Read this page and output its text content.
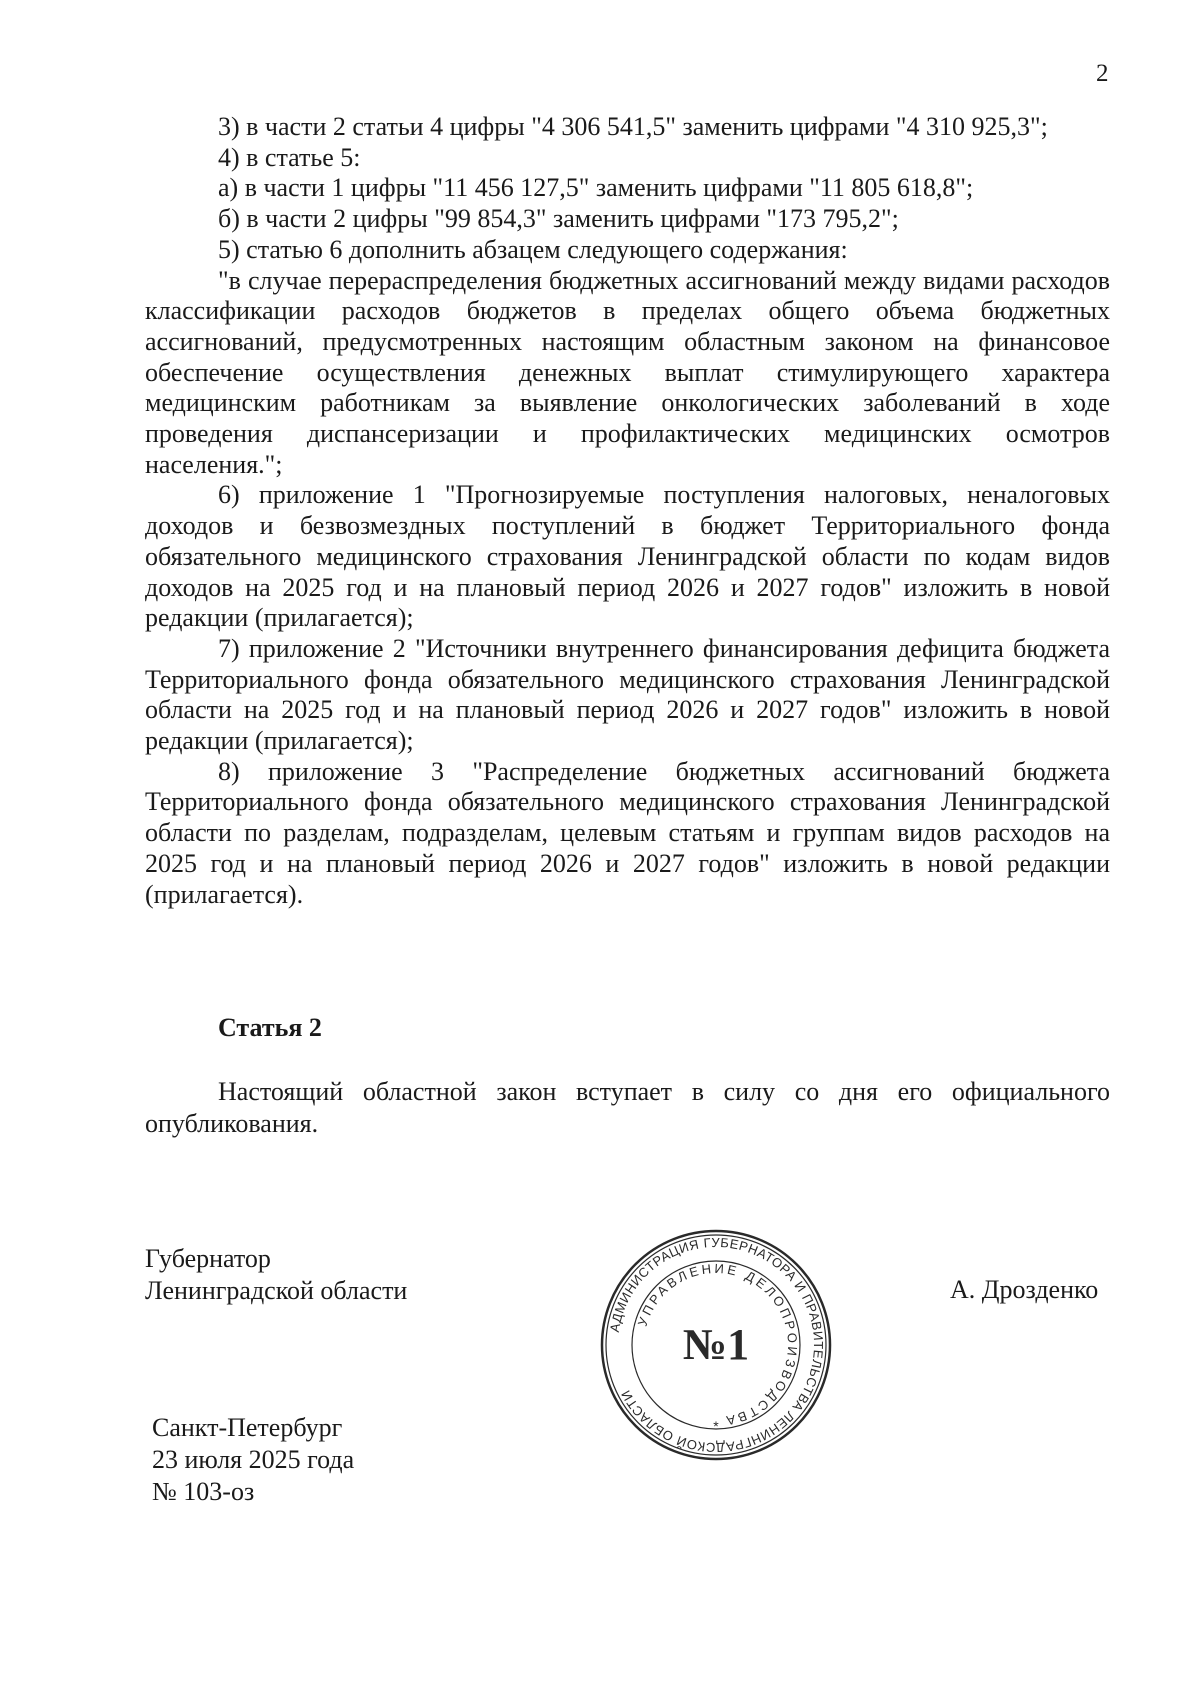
2

3) в части 2 статьи 4 цифры "4 306 541,5" заменить цифрами "4 310 925,3";

4) в статье 5:

а) в части 1 цифры "11 456 127,5" заменить цифрами "11 805 618,8";

б) в части 2 цифры "99 854,3" заменить цифрами "173 795,2";

5) статью 6 дополнить абзацем следующего содержания:

"в случае перераспределения бюджетных ассигнований между видами расходов классификации расходов бюджетов в пределах общего объема бюджетных ассигнований, предусмотренных настоящим областным законом на финансовое обеспечение осуществления денежных выплат стимулирующего характера медицинским работникам за выявление онкологических заболеваний в ходе проведения диспансеризации и профилактических медицинских осмотров населения.";

6) приложение 1 "Прогнозируемые поступления налоговых, неналоговых доходов и безвозмездных поступлений в бюджет Территориального фонда обязательного медицинского страхования Ленинградской области по кодам видов доходов на 2025 год и на плановый период 2026 и 2027 годов" изложить в новой редакции (прилагается);

7) приложение 2 "Источники внутреннего финансирования дефицита бюджета Территориального фонда обязательного медицинского страхования Ленинградской области на 2025 год и на плановый период 2026 и 2027 годов" изложить в новой редакции (прилагается);

8) приложение 3 "Распределение бюджетных ассигнований бюджета Территориального фонда обязательного медицинского страхования Ленинградской области по разделам, подразделам, целевым статьям и группам видов расходов на 2025 год и на плановый период 2026 и 2027 годов" изложить в новой редакции (прилагается).

Статья 2
Настоящий областной закон вступает в силу со дня его официального опубликования.
Губернатор
Ленинградской области	А. Дрозденко
АДМИНИСТРАЦИЯ ГУБЕРНАТОРА И ПРАВИТЕЛЬСТВА ЛЕНИНГРАДСКОЙ ОБЛАСТИ
УПРАВЛЕНИЕ ДЕЛОПРОИЗВОДСТВА
№1
*
Санкт-Петербург
23 июля 2025 года
№ 103-оз
